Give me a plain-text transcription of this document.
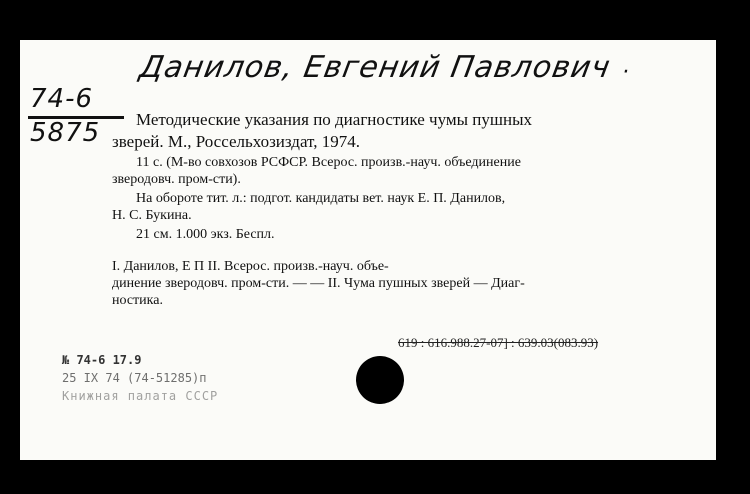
Данилов, Евгений Павлович ·
74-6
5875 Методические указания по диагностике чумы пушных
зверей. М., Россельхозиздат, 1974.
11 с. (М-во совхозов РСФСР. Всерос. произв.-науч. объединение
зверодовч. пром-сти).
На обороте тит. л.: подгот. кандидаты вет. наук Е. П. Данилов,
Н. С. Букина.
21 см. 1.000 экз. Беспл.
I. Данилов, Е П II. Всерос. произв.-науч. объе-
динение зверодовч. пром-сти. — — II. Чума пушных зверей — Диаг-
ностика.
619 : 616.988.27-07] : 639.03(083.93)
№ 74-6 17.9
25 IX 74 (74-51285)п
Книжная палата СССР
